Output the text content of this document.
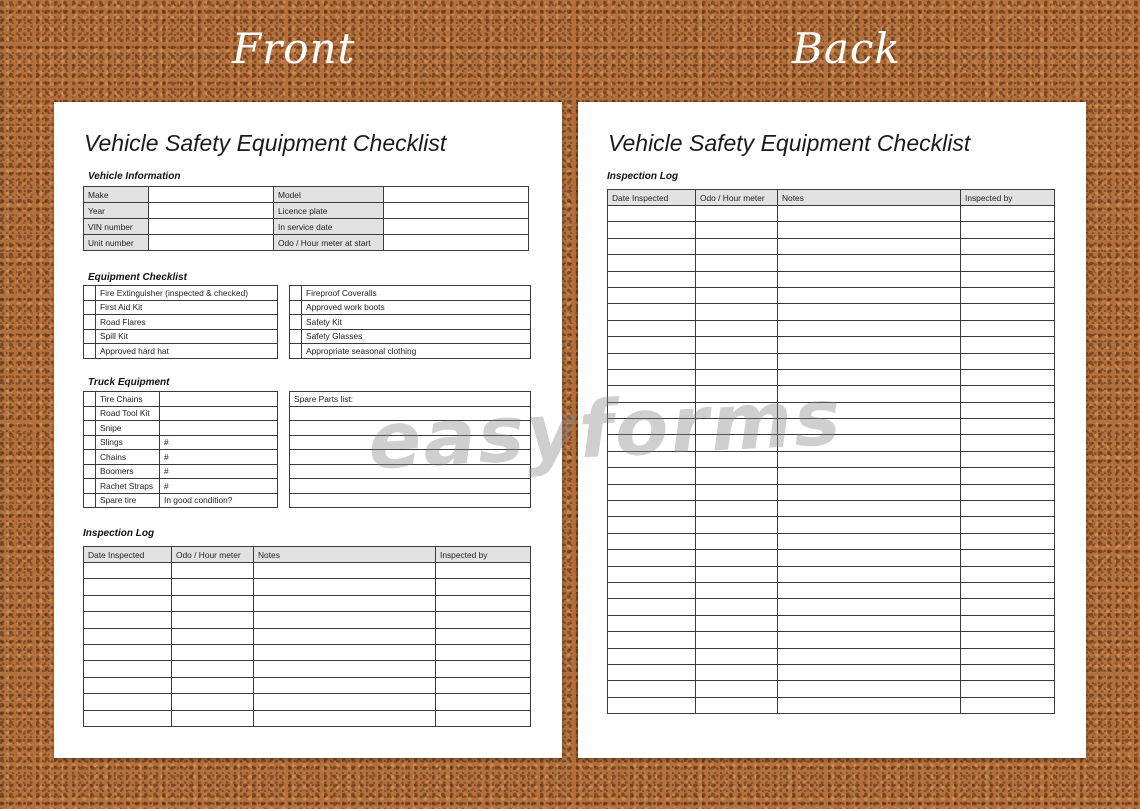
Front	Back
Vehicle Safety Equipment Checklist
Vehicle Information
Make		Model	
Year		Licence plate	
VIN number		In service date	
Unit number		Odo / Hour meter at start	
Equipment Checklist
	Fire Extinguisher (inspected & checked)
	First Aid Kit
	Road Flares
	Spill Kit
	Approved hard hat
	Fireproof Coveralls
	Approved work boots
	Safety Kit
	Safety Glasses
	Appropriate seasonal clothing
Truck Equipment
	Tire Chains	
	Road Tool Kit	
	Snipe	
	Slings	#
	Chains	#
	Boomers	#
	Rachet Straps	#
	Spare tire	In good condition?
Spare Parts list:

Inspection Log
Date Inspected	Odo / Hour meter	Notes	Inspected by

Vehicle Safety Equipment Checklist
Inspection Log
Date Inspected	Odo / Hour meter	Notes	Inspected by

easyforms
